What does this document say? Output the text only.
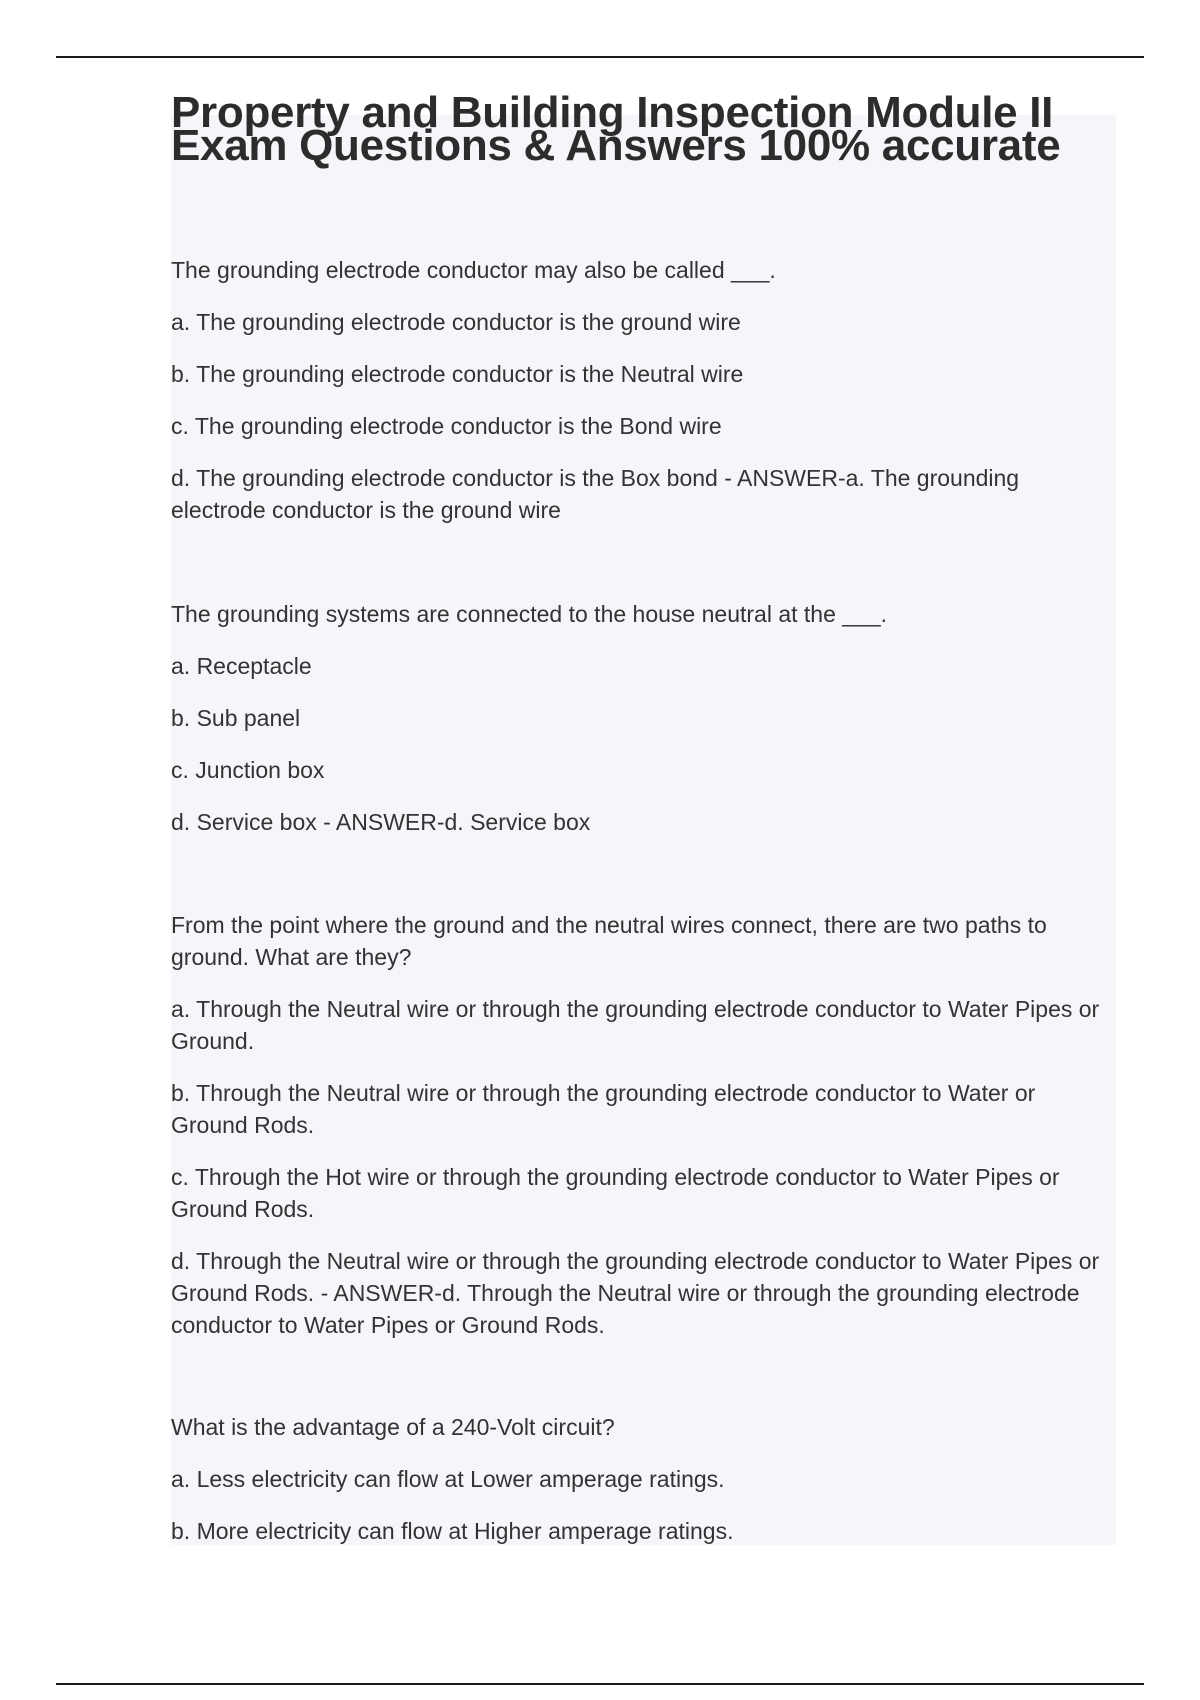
Property and Building Inspection Module II Exam Questions & Answers 100% accurate

The grounding electrode conductor may also be called ___.

a. The grounding electrode conductor is the ground wire

b. The grounding electrode conductor is the Neutral wire

c. The grounding electrode conductor is the Bond wire

d. The grounding electrode conductor is the Box bond - ANSWER-a. The grounding electrode conductor is the ground wire

The grounding systems are connected to the house neutral at the ___.

a. Receptacle

b. Sub panel

c. Junction box

d. Service box - ANSWER-d. Service box

From the point where the ground and the neutral wires connect, there are two paths to ground. What are they?

a. Through the Neutral wire or through the grounding electrode conductor to Water Pipes or Ground.

b. Through the Neutral wire or through the grounding electrode conductor to Water or Ground Rods.

c. Through the Hot wire or through the grounding electrode conductor to Water Pipes or Ground Rods.

d. Through the Neutral wire or through the grounding electrode conductor to Water Pipes or Ground Rods. - ANSWER-d. Through the Neutral wire or through the grounding electrode conductor to Water Pipes or Ground Rods.

What is the advantage of a 240-Volt circuit?

a. Less electricity can flow at Lower amperage ratings.

b. More electricity can flow at Higher amperage ratings.
